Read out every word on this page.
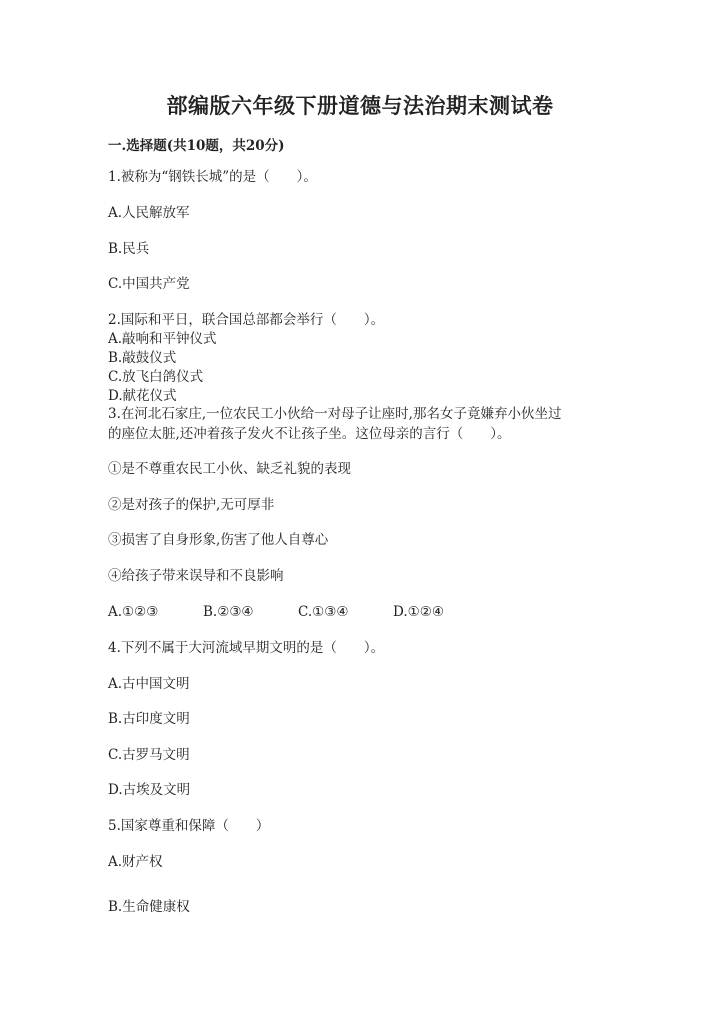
部编版六年级下册道德与法治期末测试卷
一.选择题(共10题，共20分)
1.被称为“钢铁长城”的是（　　）。
A.人民解放军
B.民兵
C.中国共产党
2.国际和平日，联合国总部都会举行（　　）。
A.敲响和平钟仪式
B.敲鼓仪式
C.放飞白鸽仪式
D.献花仪式
3.在河北石家庄,一位农民工小伙给一对母子让座时,那名女子竟嫌弃小伙坐过
的座位太脏,还冲着孩子发火不让孩子坐。这位母亲的言行（　　）。
①是不尊重农民工小伙、缺乏礼貌的表现
②是对孩子的保护,无可厚非
③损害了自身形象,伤害了他人自尊心
④给孩子带来误导和不良影响
A.①②③	B.②③④	C.①③④	D.①②④
4.下列不属于大河流域早期文明的是（　　）。
A.古中国文明
B.古印度文明
C.古罗马文明
D.古埃及文明
5.国家尊重和保障（　　）
A.财产权
B.生命健康权
